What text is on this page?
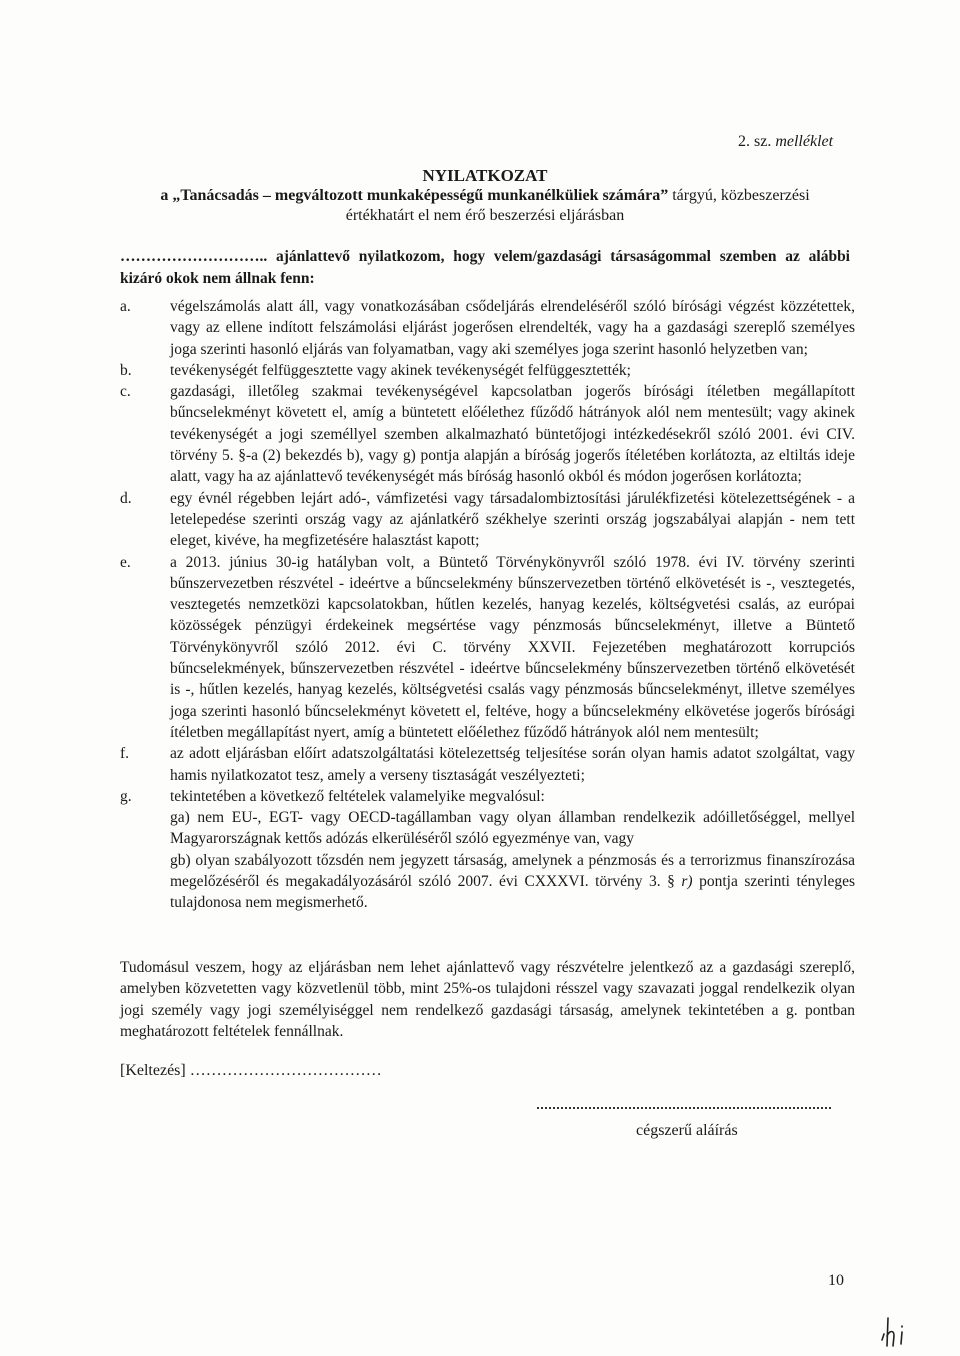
2. sz. melléklet
NYILATKOZAT
a „Tanácsadás – megváltozott munkaképességű munkanélküliek számára” tárgyú, közbeszerzési
értékhatárt el nem érő beszerzési eljárásban
……………………….. ajánlattevő nyilatkozom, hogy velem/gazdasági társaságommal szemben az alábbi kizáró okok nem állnak fenn:
a.	végelszámolás alatt áll, vagy vonatkozásában csődeljárás elrendeléséről szóló bírósági végzést közzétettek, vagy az ellene indított felszámolási eljárást jogerősen elrendelték, vagy ha a gazdasági szereplő személyes joga szerinti hasonló eljárás van folyamatban, vagy aki személyes joga szerint hasonló helyzetben van;
b.	tevékenységét felfüggesztette vagy akinek tevékenységét felfüggesztették;
c.	gazdasági, illetőleg szakmai tevékenységével kapcsolatban jogerős bírósági ítéletben megállapított bűncselekményt követett el, amíg a büntetett előélethez fűződő hátrányok alól nem mentesült; vagy akinek tevékenységét a jogi személlyel szemben alkalmazható büntetőjogi intézkedésekről szóló 2001. évi CIV. törvény 5. §-a (2) bekezdés b), vagy g) pontja alapján a bíróság jogerős ítéletében korlátozta, az eltiltás ideje alatt, vagy ha az ajánlattevő tevékenységét más bíróság hasonló okból és módon jogerősen korlátozta;
d.	egy évnél régebben lejárt adó-, vámfizetési vagy társadalombiztosítási járulékfizetési kötelezettségének - a letelepedése szerinti ország vagy az ajánlatkérő székhelye szerinti ország jogszabályai alapján - nem tett eleget, kivéve, ha megfizetésére halasztást kapott;
e.	a 2013. június 30-ig hatályban volt, a Büntető Törvénykönyvről szóló 1978. évi IV. törvény szerinti bűnszervezetben részvétel - ideértve a bűncselekmény bűnszervezetben történő elkövetését is -, vesztegetés, vesztegetés nemzetközi kapcsolatokban, hűtlen kezelés, hanyag kezelés, költségvetési csalás, az európai közösségek pénzügyi érdekeinek megsértése vagy pénzmosás bűncselekményt, illetve a Büntető Törvénykönyvről szóló 2012. évi C. törvény XXVII. Fejezetében meghatározott korrupciós bűncselekmények, bűnszervezetben részvétel - ideértve bűncselekmény bűnszervezetben történő elkövetését is -, hűtlen kezelés, hanyag kezelés, költségvetési csalás vagy pénzmosás bűncselekményt, illetve személyes joga szerinti hasonló bűncselekményt követett el, feltéve, hogy a bűncselekmény elkövetése jogerős bírósági ítéletben megállapítást nyert, amíg a büntetett előélethez fűződő hátrányok alól nem mentesült;
f.	az adott eljárásban előírt adatszolgáltatási kötelezettség teljesítése során olyan hamis adatot szolgáltat, vagy hamis nyilatkozatot tesz, amely a verseny tisztaságát veszélyezteti;
g.	tekintetében a következő feltételek valamelyike megvalósul:
ga) nem EU-, EGT- vagy OECD-tagállamban vagy olyan államban rendelkezik adóilletőséggel, mellyel Magyarországnak kettős adózás elkerüléséről szóló egyezménye van, vagy
gb) olyan szabályozott tőzsdén nem jegyzett társaság, amelynek a pénzmosás és a terrorizmus finanszírozása megelőzéséről és megakadályozásáról szóló 2007. évi CXXXVI. törvény 3. § r) pontja szerinti tényleges tulajdonosa nem megismerhető.
Tudomásul veszem, hogy az eljárásban nem lehet ajánlattevő vagy részvételre jelentkező az a gazdasági szereplő, amelyben közvetetten vagy közvetlenül több, mint 25%-os tulajdoni résszel vagy szavazati joggal rendelkezik olyan jogi személy vagy jogi személyiséggel nem rendelkező gazdasági társaság, amelynek tekintetében a g. pontban meghatározott feltételek fennállnak.
[Keltezés] ………………………………
cégszerű aláírás
10
